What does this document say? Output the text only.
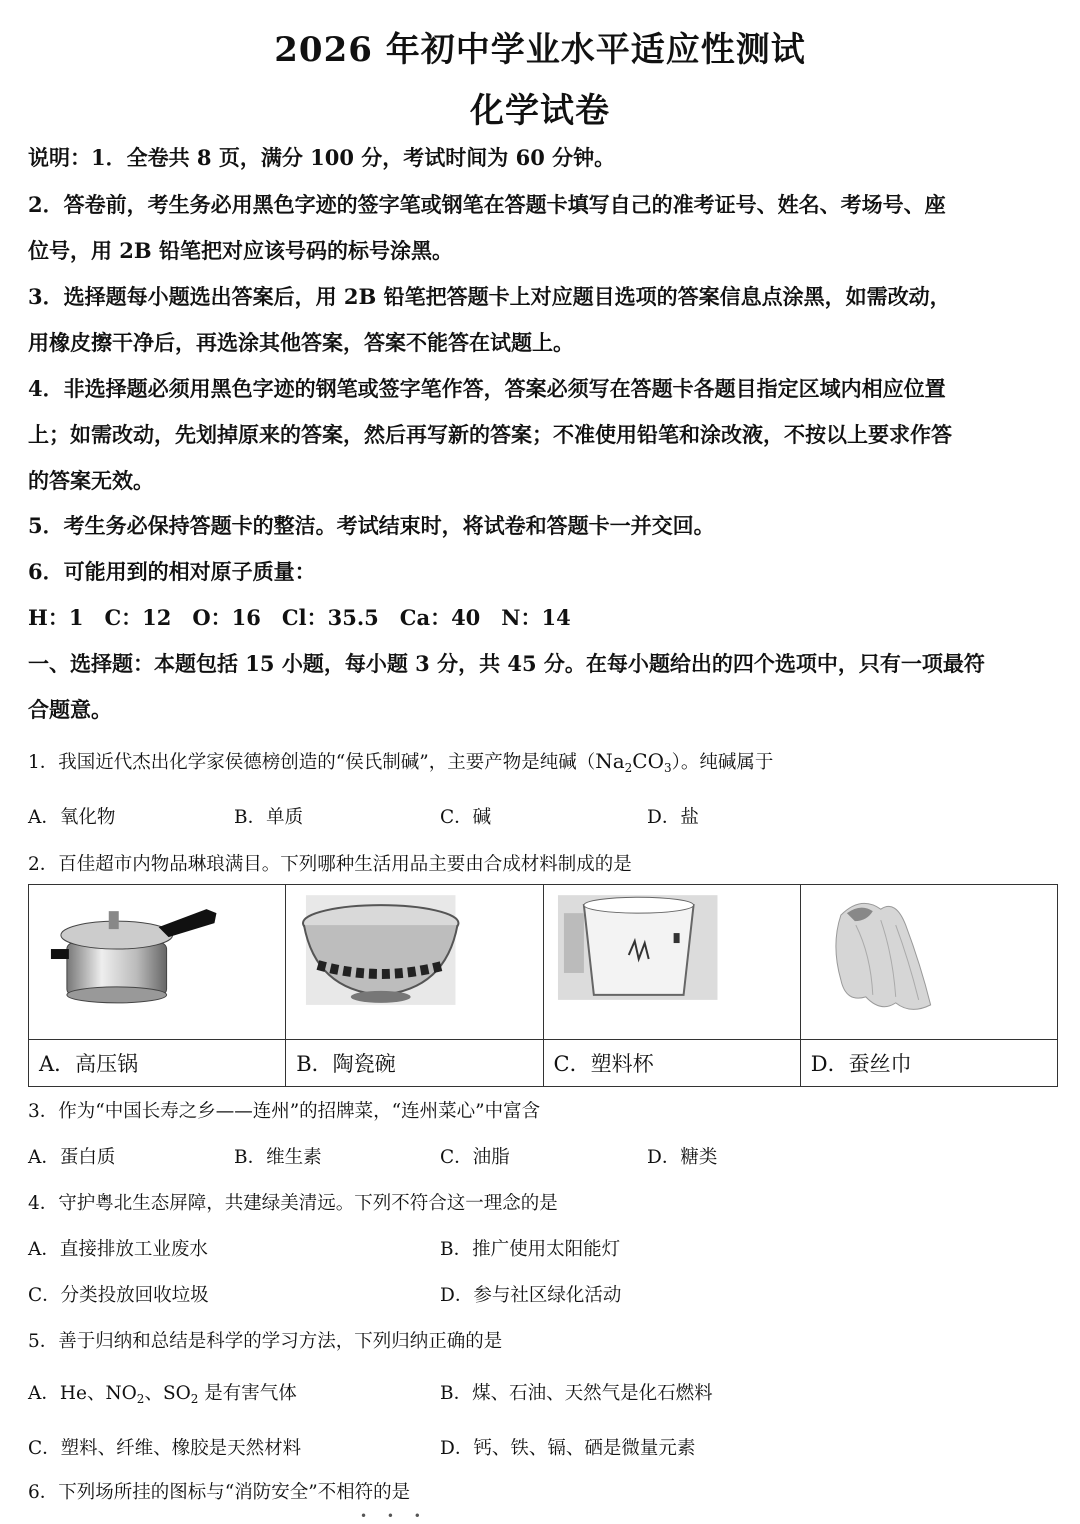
2026 年初中学业水平适应性测试
化学试卷
说明：1．全卷共 8 页，满分 100 分，考试时间为 60 分钟。
2．答卷前，考生务必用黑色字迹的签字笔或钢笔在答题卡填写自己的准考证号、姓名、考场号、座
位号，用 2B 铅笔把对应该号码的标号涂黑。
3．选择题每小题选出答案后，用 2B 铅笔把答题卡上对应题目选项的答案信息点涂黑，如需改动，
用橡皮擦干净后，再选涂其他答案，答案不能答在试题上。
4．非选择题必须用黑色字迹的钢笔或签字笔作答，答案必须写在答题卡各题目指定区域内相应位置
上；如需改动，先划掉原来的答案，然后再写新的答案；不准使用铅笔和涂改液，不按以上要求作答
的答案无效。
5．考生务必保持答题卡的整洁。考试结束时，将试卷和答题卡一并交回。
6．可能用到的相对原子质量：
H：1　C：12　O：16　Cl：35.5　Ca：40　N：14
一、选择题：本题包括 15 小题，每小题 3 分，共 45 分。在每小题给出的四个选项中，只有一项最符
合题意。
1．我国近代杰出化学家侯德榜创造的“侯氏制碱”，主要产物是纯碱$(Na_2CO_3)$。纯碱属于
A．氧化物	B．单质	C．碱	D．盐
2．百佳超市内物品琳琅满目。下列哪种生活用品主要由合成材料制成的是

A．高压锅	B．陶瓷碗	C．塑料杯	D．蚕丝巾
3．作为“中国长寿之乡——连州”的招牌菜，“连州菜心”中富含
A．蛋白质	B．维生素	C．油脂	D．糖类
4．守护粤北生态屏障，共建绿美清远。下列不符合这一理念的是
A．直接排放工业废水	B．推广使用太阳能灯
C．分类投放回收垃圾	D．参与社区绿化活动
5．善于归纳和总结是科学的学习方法，下列归纳正确的是
A．He、$NO_2$、$SO_2$ 是有害气体	B．煤、石油、天然气是化石燃料
C．塑料、纤维、橡胶是天然材料	D．钙、铁、镉、硒是微量元素
6．下列场所挂的图标与“消防安全”不相符的是
• • •
